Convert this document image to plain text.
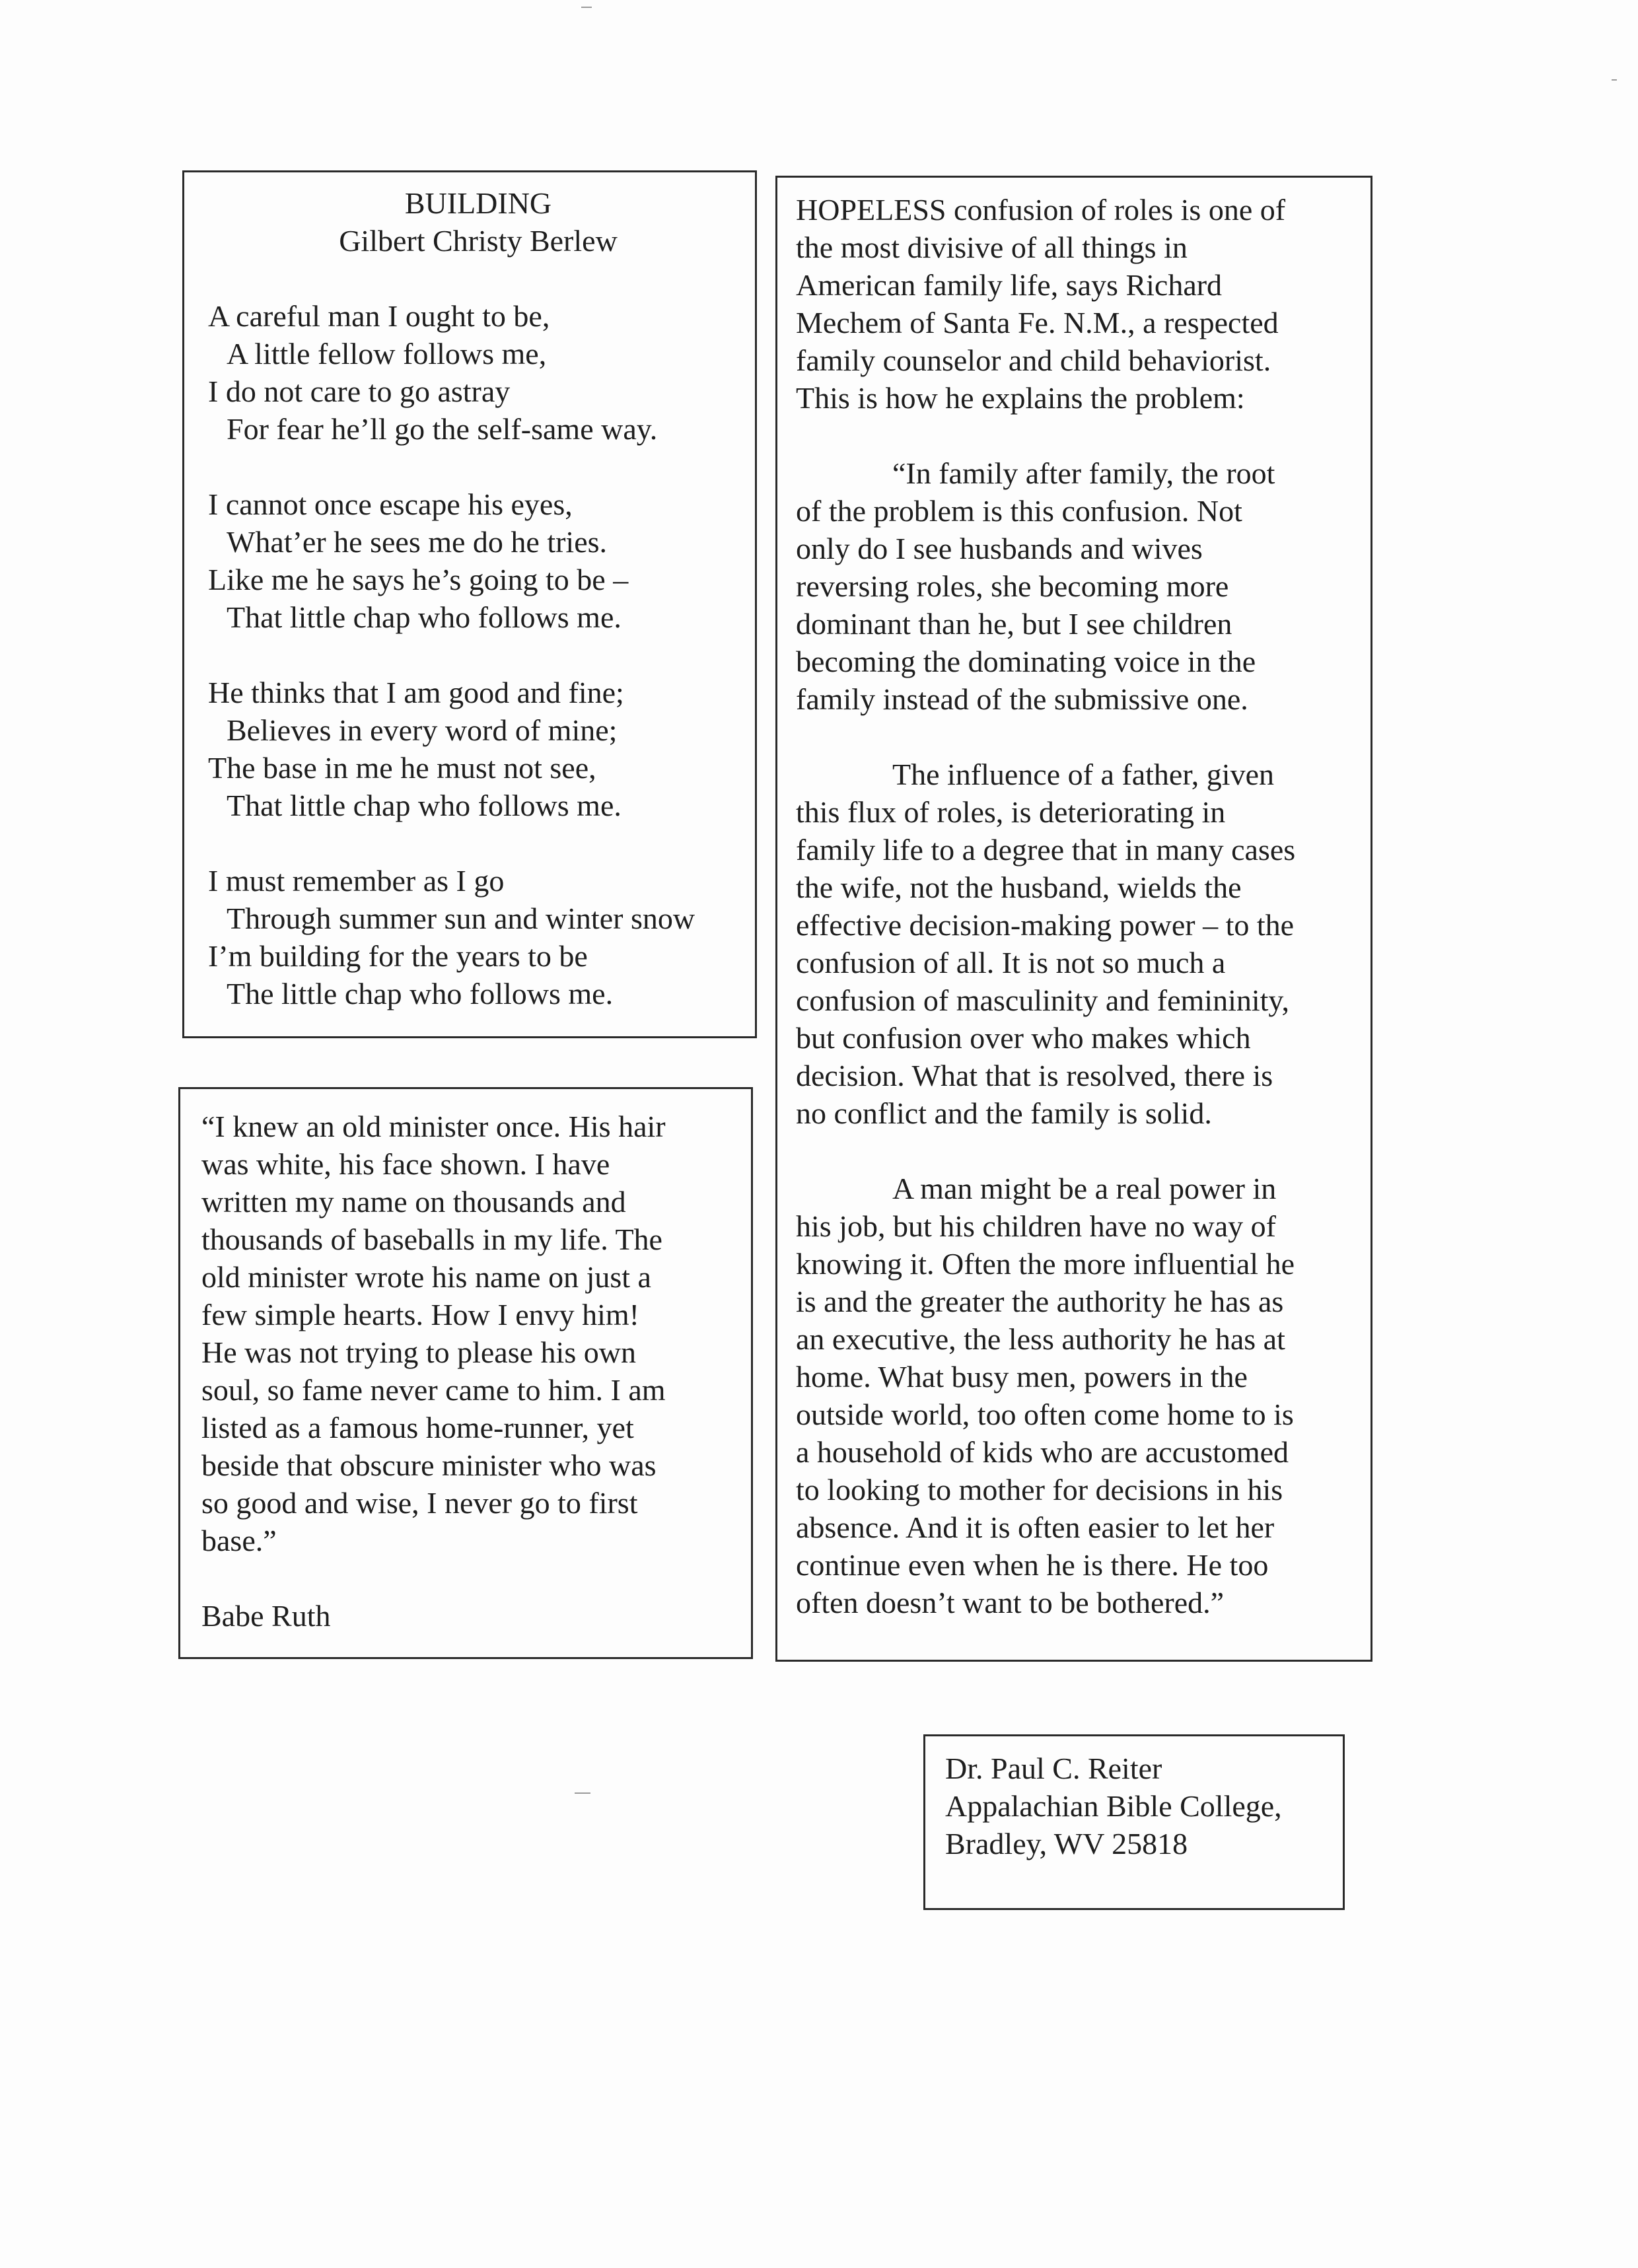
BUILDING
Gilbert Christy Berlew
A careful man I ought to be,
A little fellow follows me,
I do not care to go astray
For fear he’ll go the self-same way.
I cannot once escape his eyes,
What’er he sees me do he tries.
Like me he says he’s going to be –
That little chap who follows me.
He thinks that I am good and fine;
Believes in every word of mine;
The base in me he must not see,
That little chap who follows me.
I must remember as I go
Through summer sun and winter snow
I’m building for the years to be
The little chap who follows me.
“I knew an old minister once. His hair
was white, his face shown. I have
written my name on thousands and
thousands of baseballs in my life. The
old minister wrote his name on just a
few simple hearts. How I envy him!
He was not trying to please his own
soul, so fame never came to him. I am
listed as a famous home-runner, yet
beside that obscure minister who was
so good and wise, I never go to first
base.”
Babe Ruth
HOPELESS confusion of roles is one of
the most divisive of all things in
American family life, says Richard
Mechem of Santa Fe. N.M., a respected
family counselor and child behaviorist.
This is how he explains the problem:
“In family after family, the root
of the problem is this confusion. Not
only do I see husbands and wives
reversing roles, she becoming more
dominant than he, but I see children
becoming the dominating voice in the
family instead of the submissive one.
The influence of a father, given
this flux of roles, is deteriorating in
family life to a degree that in many cases
the wife, not the husband, wields the
effective decision-making power – to the
confusion of all. It is not so much a
confusion of masculinity and femininity,
but confusion over who makes which
decision. What that is resolved, there is
no conflict and the family is solid.
A man might be a real power in
his job, but his children have no way of
knowing it. Often the more influential he
is and the greater the authority he has as
an executive, the less authority he has at
home. What busy men, powers in the
outside world, too often come home to is
a household of kids who are accustomed
to looking to mother for decisions in his
absence. And it is often easier to let her
continue even when he is there. He too
often doesn’t want to be bothered.”
Dr. Paul C. Reiter
Appalachian Bible College,
Bradley, WV 25818
